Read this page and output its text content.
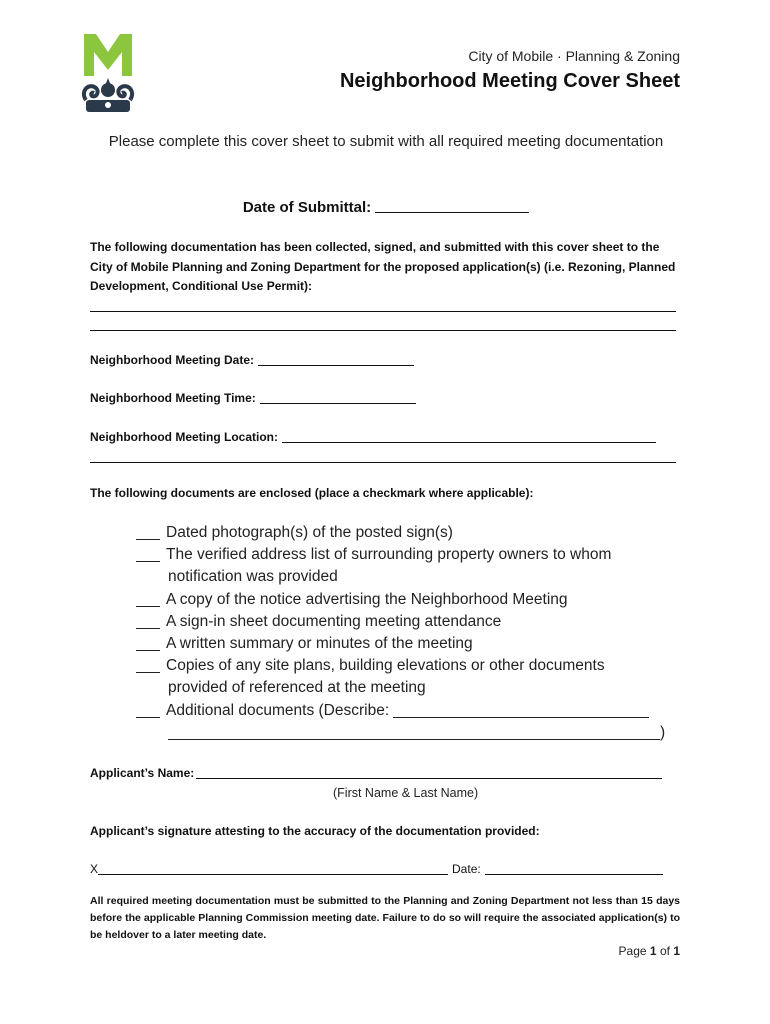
City of Mobile · Planning & Zoning
Neighborhood Meeting Cover Sheet
Please complete this cover sheet to submit with all required meeting documentation
Date of Submittal:
The following documentation has been collected, signed, and submitted with this cover sheet to the City of Mobile Planning and Zoning Department for the proposed application(s) (i.e. Rezoning, Planned Development, Conditional Use Permit):
Neighborhood Meeting Date:
Neighborhood Meeting Time:
Neighborhood Meeting Location:
The following documents are enclosed (place a checkmark where applicable):
Dated photograph(s) of the posted sign(s)
The verified address list of surrounding property owners to whom
notification was provided
A copy of the notice advertising the Neighborhood Meeting
A sign-in sheet documenting meeting attendance
A written summary or minutes of the meeting
Copies of any site plans, building elevations or other documents
provided of referenced at the meeting
Additional documents (Describe:
)
Applicant’s Name:
(First Name & Last Name)
Applicant’s signature attesting to the accuracy of the documentation provided:
X	Date:
All required meeting documentation must be submitted to the Planning and Zoning Department not less than 15 days before the applicable Planning Commission meeting date. Failure to do so will require the associated application(s) to be heldover to a later meeting date.
Page 1 of 1
